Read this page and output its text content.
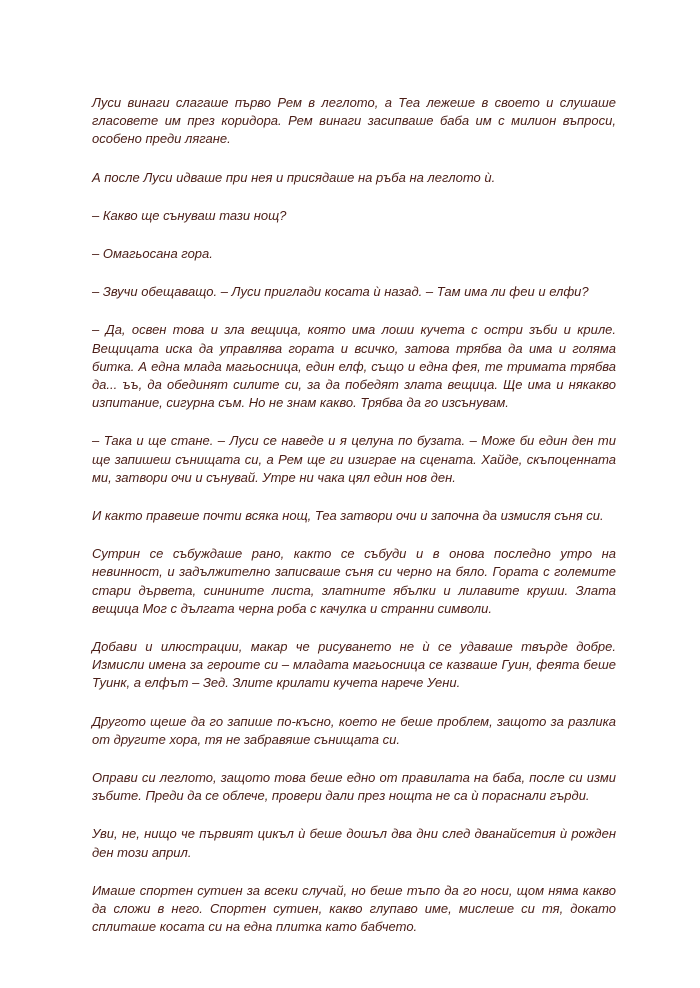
Луси винаги слагаше първо Рем в леглото, а Теа лежеше в своето и слушаше гласовете им през коридора. Рем винаги засипваше баба им с милион въпроси, особено преди лягане.

А после Луси идваше при нея и присядаше на ръба на леглото ѝ.

– Какво ще сънуваш тази нощ?

– Омагьосана гора.

– Звучи обещаващо. – Луси приглади косата ѝ назад. – Там има ли феи и елфи?

– Да, освен това и зла вещица, която има лоши кучета с остри зъби и криле. Вещицата иска да управлява гората и всичко, затова трябва да има и голяма битка. А една млада магьосница, един елф, също и една фея, те тримата трябва да... ъъ, да обединят силите си, за да победят злата вещица. Ще има и някакво изпитание, сигурна съм. Но не знам какво. Трябва да го изсънувам.

– Така и ще стане. – Луси се наведе и я целуна по бузата. – Може би един ден ти ще запишеш сънищата си, а Рем ще ги изиграе на сцената. Хайде, скъпоценната ми, затвори очи и сънувай. Утре ни чака цял един нов ден.

И както правеше почти всяка нощ, Теа затвори очи и започна да измисля съня си.

Сутрин се събуждаше рано, както се събуди и в онова последно утро на невинност, и задължително записваше съня си черно на бяло. Гората с големите стари дървета, синините листа, златните ябълки и лилавите круши. Злата вещица Мог с дългата черна роба с качулка и странни символи.

Добави и илюстрации, макар че рисуването не ѝ се удаваше твърде добре. Измисли имена за героите си – младата магьосница се казваше Гуин, феята беше Туинк, а елфът – Зед. Злите крилати кучета нарече Уени.

Другото щеше да го запише по-късно, което не беше проблем, защото за разлика от другите хора, тя не забравяше сънищата си.

Оправи си леглото, защото това беше едно от правилата на баба, после си изми зъбите. Преди да се облече, провери дали през нощта не са ѝ пораснали гърди.

Уви, не, нищо че първият цикъл ѝ беше дошъл два дни след дванайсетия ѝ рожден ден този април.

Имаше спортен сутиен за всеки случай, но беше тъпо да го носи, щом няма какво да сложи в него. Спортен сутиен, какво глупаво име, мислеше си тя, докато сплиташе косата си на една плитка като бабчето.
